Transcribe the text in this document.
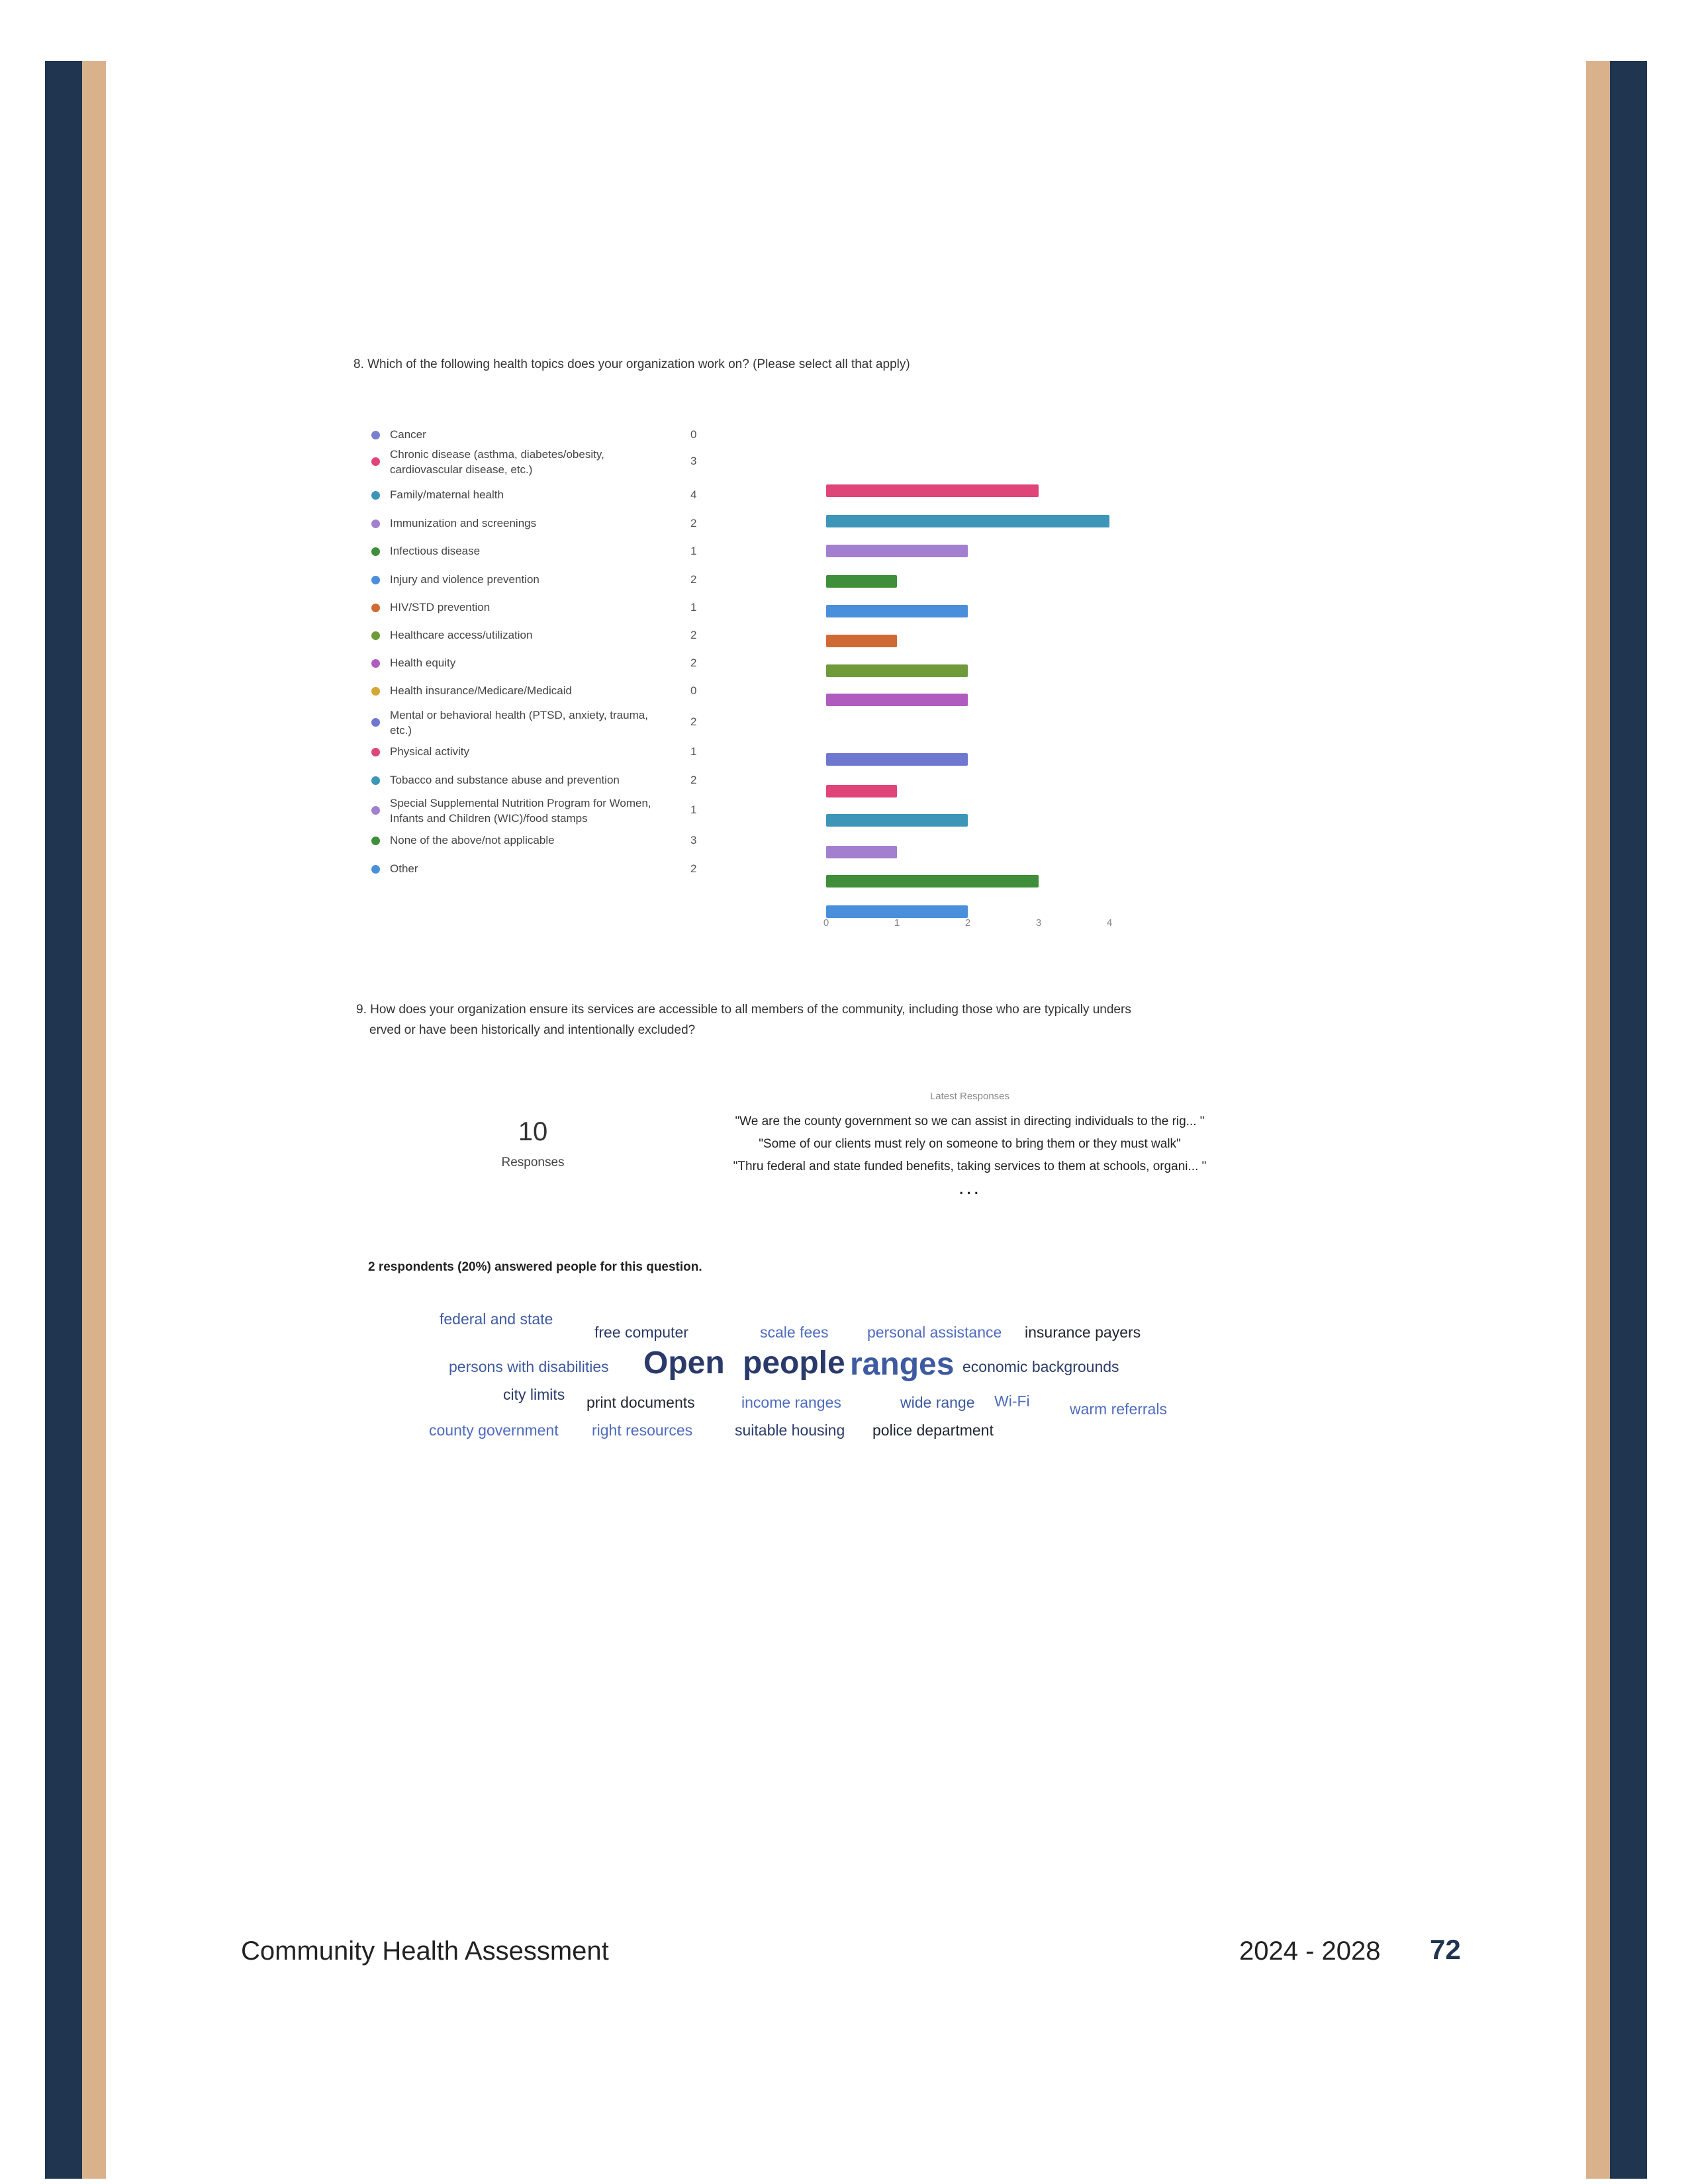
8. Which of the following health topics does your organization work on? (Please select all that apply)
Cancer	0
Chronic disease (asthma, diabetes/obesity, cardiovascular disease, etc.)
3
Family/maternal health	4
Immunization and screenings	2
Infectious disease	1
Injury and violence prevention	2
HIV/STD prevention	1
Healthcare access/utilization	2
Health equity	2
Health insurance/Medicare/Medicaid	0
Mental or behavioral health (PTSD, anxiety, trauma, etc.)
2
Physical activity	1
Tobacco and substance abuse and prevention	2
Special Supplemental Nutrition Program for Women, Infants and Children (WIC)/food stamps
1
None of the above/not applicable	3
Other	2
0	1	2	3	4
9. How does your organization ensure its services are accessible to all members of the community, including those who are typically unders
erved or have been historically and intentionally excluded?
10
Responses
Latest Responses
"We are the county government so we can assist in directing individuals to the rig... "
"Some of our clients must rely on someone to bring them or they must walk"
"Thru federal and state funded benefits, taking services to them at schools, organi... "
...
2 respondents (20%) answered people for this question.
federal and state
free computer	scale fees	personal assistance insurance payers
persons with disabilities Open people ranges economic backgrounds
city limits print documents	income ranges	wide range Wi-Fi	warm referrals
county government right resources	suitable housing police department
Community Health Assessment	2024 - 2028 72
